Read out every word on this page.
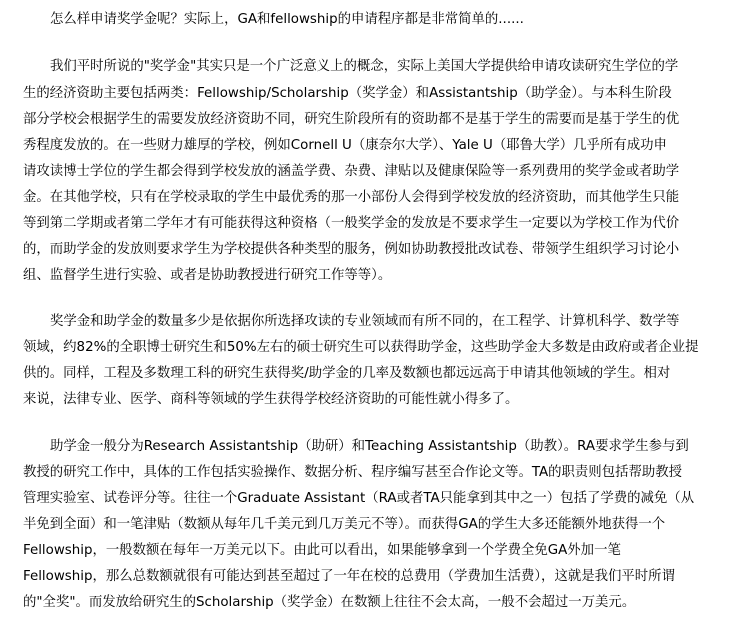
怎么样申请奖学金呢？实际上，GA和fellowship的申请程序都是非常简单的......
我们平时所说的"奖学金"其实只是一个广泛意义上的概念，实际上美国大学提供给申请攻读研究生学位的学
生的经济资助主要包括两类：Fellowship/Scholarship（奖学金）和Assistantship（助学金）。与本科生阶段
部分学校会根据学生的需要发放经济资助不同，研究生阶段所有的资助都不是基于学生的需要而是基于学生的优
秀程度发放的。在一些财力雄厚的学校，例如Cornell U（康奈尔大学）、Yale U（耶鲁大学）几乎所有成功申
请攻读博士学位的学生都会得到学校发放的涵盖学费、杂费、津贴以及健康保险等一系列费用的奖学金或者助学
金。在其他学校，只有在学校录取的学生中最优秀的那一小部份人会得到学校发放的经济资助，而其他学生只能
等到第二学期或者第二学年才有可能获得这种资格（一般奖学金的发放是不要求学生一定要以为学校工作为代价
的，而助学金的发放则要求学生为学校提供各种类型的服务，例如协助教授批改试卷、带领学生组织学习讨论小
组、监督学生进行实验、或者是协助教授进行研究工作等等）。
奖学金和助学金的数量多少是依据你所选择攻读的专业领域而有所不同的，在工程学、计算机科学、数学等
领域，约82%的全职博士研究生和50%左右的硕士研究生可以获得助学金，这些助学金大多数是由政府或者企业提
供的。同样，工程及多数理工科的研究生获得奖/助学金的几率及数额也都远远高于申请其他领域的学生。相对
来说，法律专业、医学、商科等领域的学生获得学校经济资助的可能性就小得多了。
助学金一般分为Research Assistantship（助研）和Teaching Assistantship（助教）。RA要求学生参与到
教授的研究工作中，具体的工作包括实验操作、数据分析、程序编写甚至合作论文等。TA的职责则包括帮助教授
管理实验室、试卷评分等。往往一个Graduate Assistant（RA或者TA只能拿到其中之一）包括了学费的减免（从
半免到全面）和一笔津贴（数额从每年几千美元到几万美元不等）。而获得GA的学生大多还能额外地获得一个
Fellowship，一般数额在每年一万美元以下。由此可以看出，如果能够拿到一个学费全免GA外加一笔
Fellowship，那么总数额就很有可能达到甚至超过了一年在校的总费用（学费加生活费），这就是我们平时所谓
的"全奖"。而发放给研究生的Scholarship（奖学金）在数额上往往不会太高，一般不会超过一万美元。
